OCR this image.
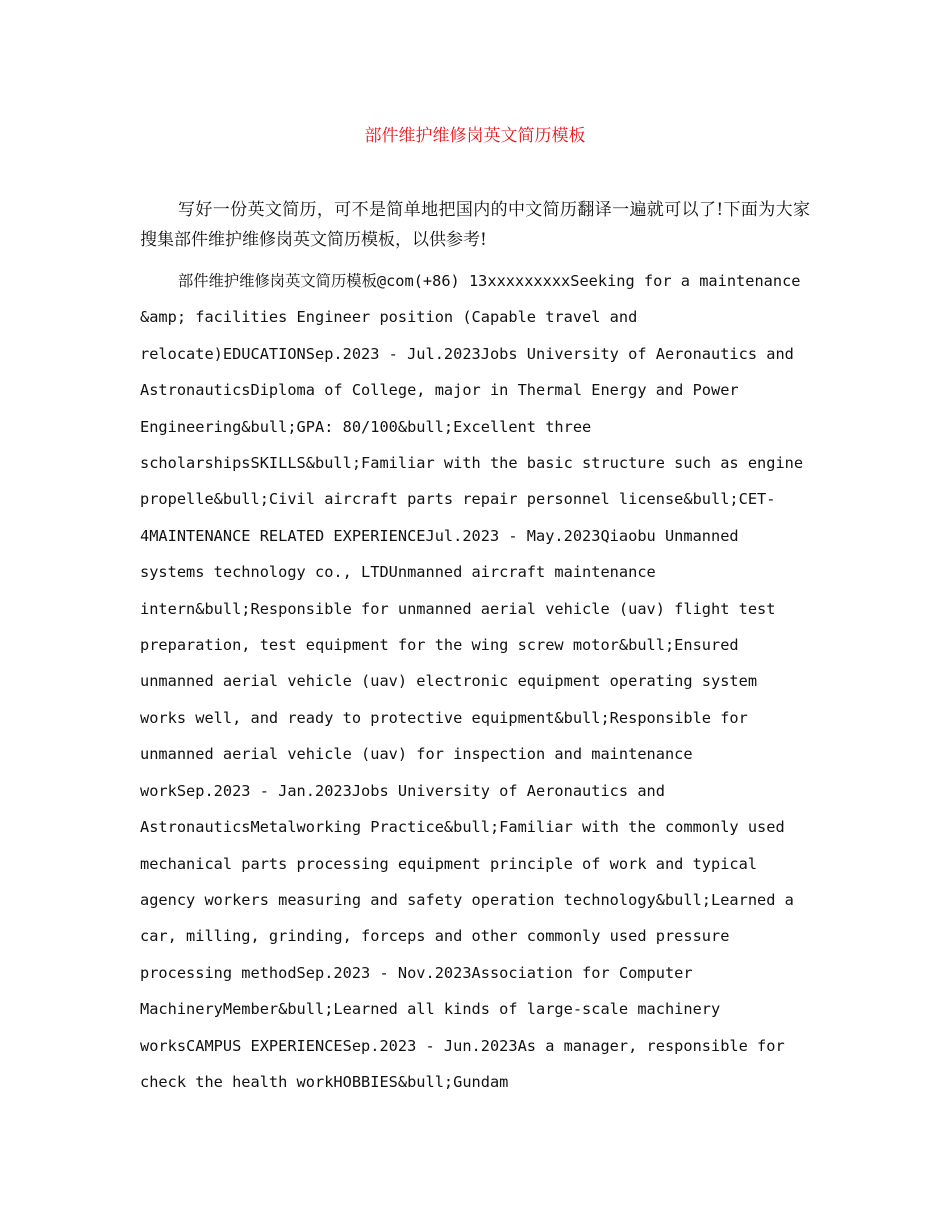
部件维护维修岗英文简历模板

写好一份英文简历，可不是简单地把国内的中文简历翻译一遍就可以了!下面为大家搜集部件维护维修岗英文简历模板，以供参考!

部件维护维修岗英文简历模板@com(+86) 13xxxxxxxxxSeeking for a maintenance &amp; facilities Engineer position (Capable travel and relocate)EDUCATIONSep.2023 - Jul.2023Jobs University of Aeronautics and AstronauticsDiploma of College, major in Thermal Energy and Power Engineering&bull;GPA: 80/100&bull;Excellent three scholarshipsSKILLS&bull;Familiar with the basic structure such as engine propelle&bull;Civil aircraft parts repair personnel license&bull;CET-4MAINTENANCE RELATED EXPERIENCEJul.2023 - May.2023Qiaobu Unmanned systems technology co., LTDUnmanned aircraft maintenance intern&bull;Responsible for unmanned aerial vehicle (uav) flight test preparation, test equipment for the wing screw motor&bull;Ensured unmanned aerial vehicle (uav) electronic equipment operating system works well, and ready to protective equipment&bull;Responsible for unmanned aerial vehicle (uav) for inspection and maintenance workSep.2023 - Jan.2023Jobs University of Aeronautics and AstronauticsMetalworking Practice&bull;Familiar with the commonly used mechanical parts processing equipment principle of work and typical agency workers measuring and safety operation technology&bull;Learned a car, milling, grinding, forceps and other commonly used pressure processing methodSep.2023 - Nov.2023Association for Computer MachineryMember&bull;Learned all kinds of large-scale machinery worksCAMPUS EXPERIENCESep.2023 - Jun.2023As a manager, responsible for check the health workHOBBIES&bull;Gundam
